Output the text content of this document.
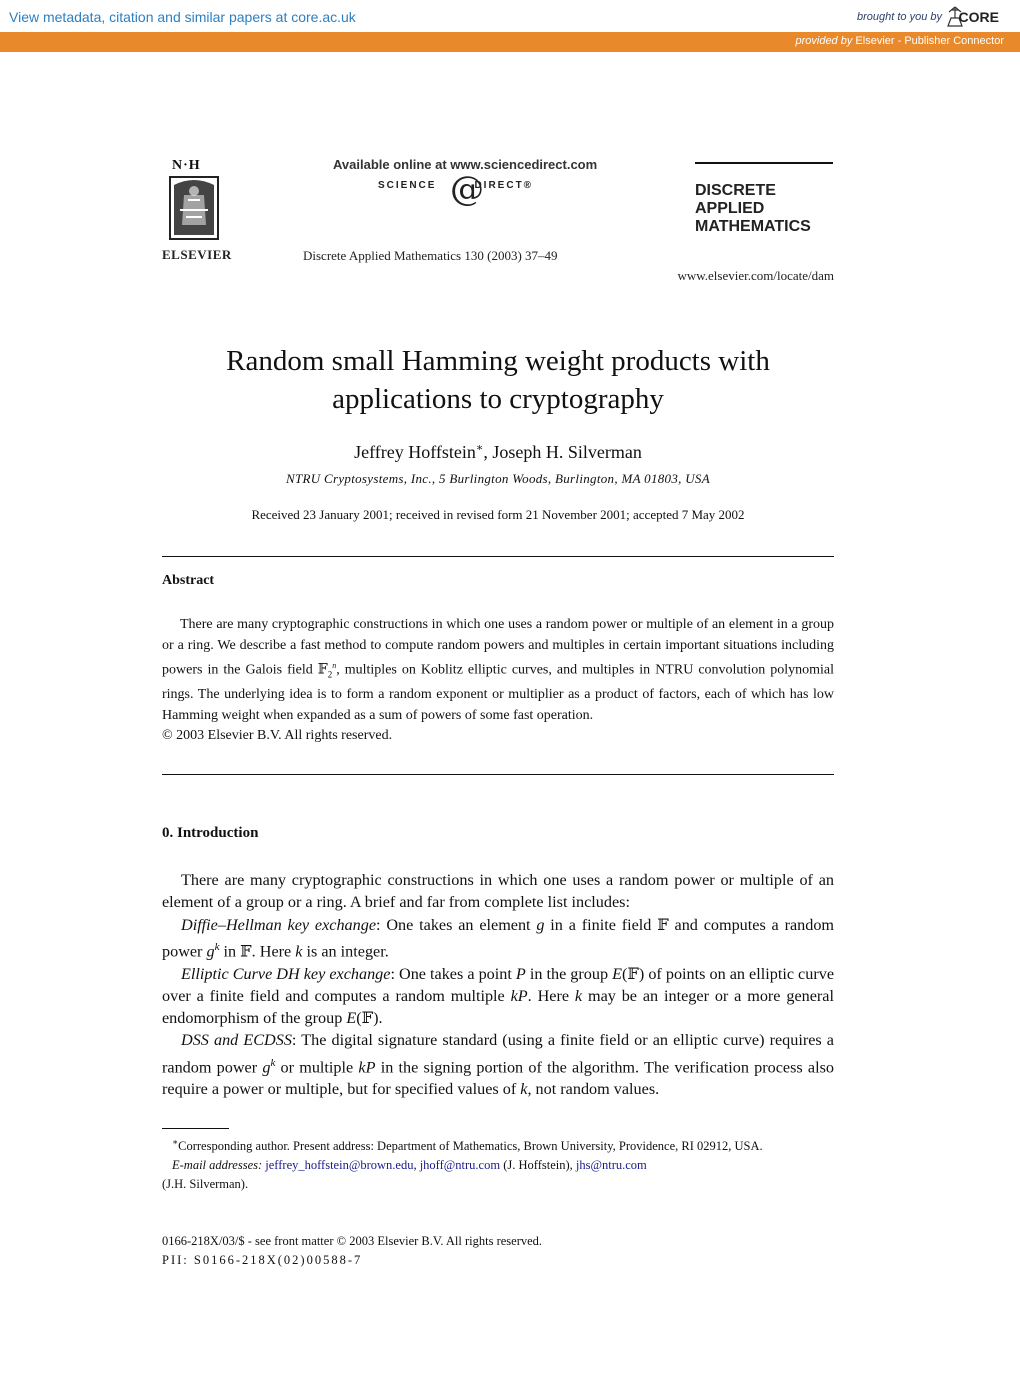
View metadata, citation and similar papers at core.ac.uk	brought to you by CORE
provided by Elsevier - Publisher Connector
N·H
ELSEVIER
Available online at www.sciencedirect.com
SCIENCE	DIRECT®
@
Discrete Applied Mathematics 130 (2003) 37–49
DISCRETE
APPLIED
MATHEMATICS
www.elsevier.com/locate/dam
Random small Hamming weight products with
applications to cryptography
Jeffrey Hoffstein∗, Joseph H. Silverman
NTRU Cryptosystems, Inc., 5 Burlington Woods, Burlington, MA 01803, USA
Received 23 January 2001; received in revised form 21 November 2001; accepted 7 May 2002
Abstract

There are many cryptographic constructions in which one uses a random power or multiple of an element in a group or a ring. We describe a fast method to compute random powers and multiples in certain important situations including powers in the Galois field 𝔽$_2^n$, multiples on Koblitz elliptic curves, and multiples in NTRU convolution polynomial rings. The underlying idea is to form a random exponent or multiplier as a product of factors, each of which has low Hamming weight when expanded as a sum of powers of some fast operation.

© 2003 Elsevier B.V. All rights reserved.

0. Introduction

There are many cryptographic constructions in which one uses a random power or multiple of an element of a group or a ring. A brief and far from complete list includes:

Diffie–Hellman key exchange: One takes an element g in a finite field 𝔽 and computes a random power $g^k$ in 𝔽. Here k is an integer.

Elliptic Curve DH key exchange: One takes a point P in the group E(𝔽) of points on an elliptic curve over a finite field and computes a random multiple kP. Here k may be an integer or a more general endomorphism of the group E(𝔽).

DSS and ECDSS: The digital signature standard (using a finite field or an elliptic curve) requires a random power $g^k$ or multiple kP in the signing portion of the algorithm. The verification process also require a power or multiple, but for specified values of k, not random values.

∗Corresponding author. Present address: Department of Mathematics, Brown University, Providence, RI 02912, USA.

E-mail addresses: jeffrey_hoffstein@brown.edu, jhoff@ntru.com (J. Hoffstein), jhs@ntru.com

(J.H. Silverman).

0166-218X/03/$ - see front matter © 2003 Elsevier B.V. All rights reserved.
PII: S0166-218X(02)00588-7
